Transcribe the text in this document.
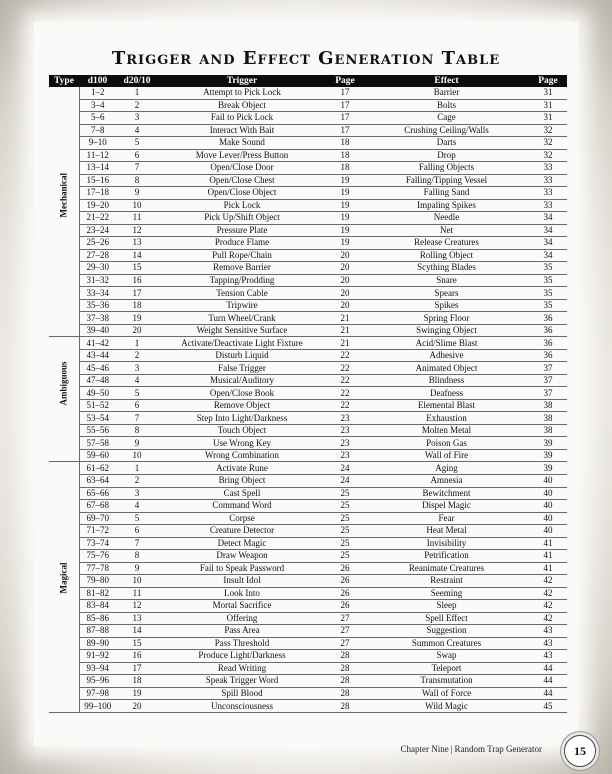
Trigger and Effect Generation Table
Type	d100	d20/10	Trigger	Page	Effect	Page

Mechanical	1–2	1	Attempt to Pick Lock	17	Barrier	31
	3–4	2	Break Object	17	Bolts	31
	5–6	3	Fail to Pick Lock	17	Cage	31
	7–8	4	Interact With Bait	17	Crushing Ceiling/Walls	32
	9–10	5	Make Sound	18	Darts	32
	11–12	6	Move Lever/Press Button	18	Drop	32
	13–14	7	Open/Close Door	18	Falling Objects	33
	15–16	8	Open/Close Chest	19	Falling/Tipping Vessel	33
	17–18	9	Open/Close Object	19	Falling Sand	33
	19–20	10	Pick Lock	19	Impaling Spikes	33
	21–22	11	Pick Up/Shift Object	19	Needle	34
	23–24	12	Pressure Plate	19	Net	34
	25–26	13	Produce Flame	19	Release Creatures	34
	27–28	14	Pull Rope/Chain	20	Rolling Object	34
	29–30	15	Remove Barrier	20	Scything Blades	35
	31–32	16	Tapping/Prodding	20	Snare	35
	33–34	17	Tension Cable	20	Spears	35
	35–36	18	Tripwire	20	Spikes	35
	37–38	19	Turn Wheel/Crank	21	Spring Floor	36
	39–40	20	Weight Sensitive Surface	21	Swinging Object	36

Ambiguous	41–42	1	Activate/Deactivate Light Fixture	21	Acid/Slime Blast	36
	43–44	2	Disturb Liquid	22	Adhesive	36
	45–46	3	False Trigger	22	Animated Object	37
	47–48	4	Musical/Auditory	22	Blindness	37
	49–50	5	Open/Close Book	22	Deafness	37
	51–52	6	Remove Object	22	Elemental Blast	38
	53–54	7	Step Into Light/Darkness	23	Exhaustion	38
	55–56	8	Touch Object	23	Molten Metal	38
	57–58	9	Use Wrong Key	23	Poison Gas	39
	59–60	10	Wrong Combination	23	Wall of Fire	39

Magical	61–62	1	Activate Rune	24	Aging	39
	63–64	2	Bring Object	24	Amnesia	40
	65–66	3	Cast Spell	25	Bewitchment	40
	67–68	4	Command Word	25	Dispel Magic	40
	69–70	5	Corpse	25	Fear	40
	71–72	6	Creature Detector	25	Heat Metal	40
	73–74	7	Detect Magic	25	Invisibility	41
	75–76	8	Draw Weapon	25	Petrification	41
	77–78	9	Fail to Speak Password	26	Reanimate Creatures	41
	79–80	10	Insult Idol	26	Restraint	42
	81–82	11	Look Into	26	Seeming	42
	83–84	12	Mortal Sacrifice	26	Sleep	42
	85–86	13	Offering	27	Spell Effect	42
	87–88	14	Pass Area	27	Suggestion	43
	89–90	15	Pass Threshold	27	Summon Creatures	43
	91–92	16	Produce Light/Darkness	28	Swap	43
	93–94	17	Read Writing	28	Teleport	44
	95–96	18	Speak Trigger Word	28	Transmutation	44
	97–98	19	Spill Blood	28	Wall of Force	44
	99–100	20	Unconsciousness	28	Wild Magic	45
Chapter Nine | Random Trap Generator	15
